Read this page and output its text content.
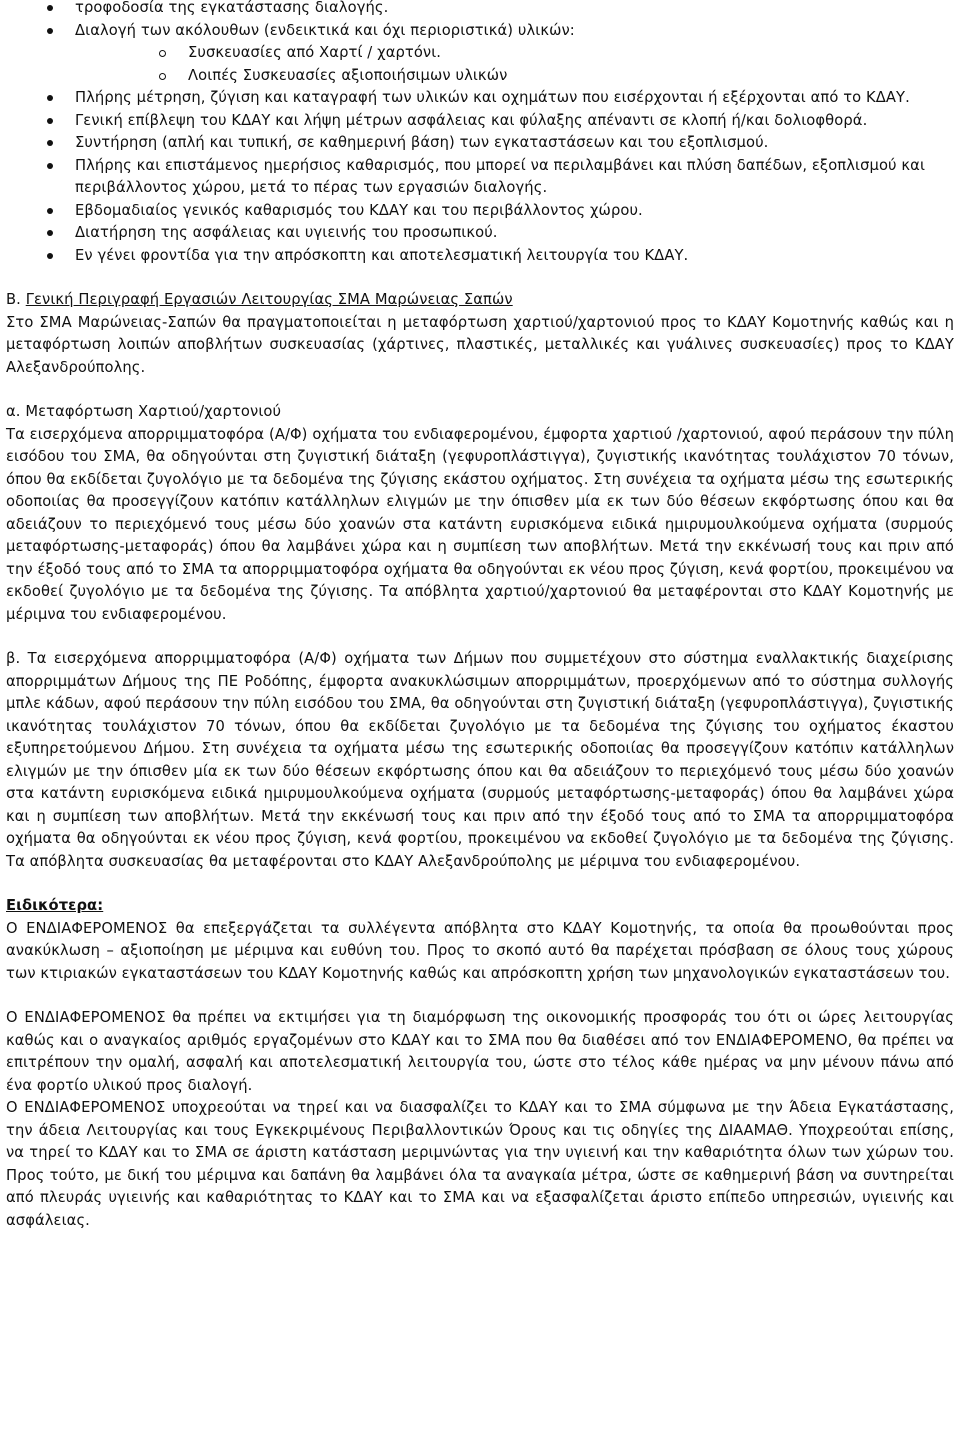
τροφοδοσία της εγκατάστασης διαλογής.
Διαλογή των ακόλουθων (ενδεικτικά και όχι περιοριστικά) υλικών:
Συσκευασίες από Χαρτί / χαρτόνι.
Λοιπές Συσκευασίες αξιοποιήσιμων υλικών
Πλήρης μέτρηση, ζύγιση και καταγραφή των υλικών και οχημάτων που εισέρχονται ή εξέρχονται από το ΚΔΑΥ.
Γενική επίβλεψη του ΚΔΑΥ και λήψη μέτρων ασφάλειας και φύλαξης απέναντι σε κλοπή ή/και δολιοφθορά.
Συντήρηση (απλή και τυπική, σε καθημερινή βάση) των εγκαταστάσεων και του εξοπλισμού.
Πλήρης και επιστάμενος ημερήσιος καθαρισμός, που μπορεί να περιλαμβάνει και πλύση δαπέδων, εξοπλισμού και περιβάλλοντος χώρου, μετά το πέρας των εργασιών διαλογής.
Εβδομαδιαίος γενικός καθαρισμός του ΚΔΑΥ και του περιβάλλοντος χώρου.
Διατήρηση της ασφάλειας και υγιεινής του προσωπικού.
Εν γένει φροντίδα για την απρόσκοπτη και αποτελεσματική λειτουργία του ΚΔΑΥ.

Β. Γενική Περιγραφή Εργασιών Λειτουργίας ΣΜΑ Μαρώνειας Σαπών

Στο ΣΜΑ Μαρώνειας-Σαπών θα πραγματοποιείται η μεταφόρτωση χαρτιού/χαρτονιού προς το ΚΔΑΥ Κομοτηνής καθώς και η μεταφόρτωση λοιπών αποβλήτων συσκευασίας (χάρτινες, πλαστικές, μεταλλικές και γυάλινες συσκευασίες) προς το ΚΔΑΥ Αλεξανδρούπολης.

α. Μεταφόρτωση Χαρτιού/χαρτονιού

Τα εισερχόμενα απορριμματοφόρα (Α/Φ) οχήματα του ενδιαφερομένου, έμφορτα χαρτιού /χαρτονιού, αφού περάσουν την πύλη εισόδου του ΣΜΑ, θα οδηγούνται στη ζυγιστική διάταξη (γεφυροπλάστιγγα), ζυγιστικής ικανότητας τουλάχιστον 70 τόνων, όπου θα εκδίδεται ζυγολόγιο με τα δεδομένα της ζύγισης εκάστου οχήματος. Στη συνέχεια τα οχήματα μέσω της εσωτερικής οδοποιίας θα προσεγγίζουν κατόπιν κατάλληλων ελιγμών με την όπισθεν μία εκ των δύο θέσεων εκφόρτωσης όπου και θα αδειάζουν το περιεχόμενό τους μέσω δύο χοανών στα κατάντη ευρισκόμενα ειδικά ημιρυμουλκούμενα οχήματα (συρμούς μεταφόρτωσης-μεταφοράς) όπου θα λαμβάνει χώρα και η συμπίεση των αποβλήτων. Μετά την εκκένωσή τους και πριν από την έξοδό τους από το ΣΜΑ τα απορριμματοφόρα οχήματα θα οδηγούνται εκ νέου προς ζύγιση, κενά φορτίου, προκειμένου να εκδοθεί ζυγολόγιο με τα δεδομένα της ζύγισης. Τα απόβλητα χαρτιού/χαρτονιού θα μεταφέρονται στο ΚΔΑΥ Κομοτηνής με μέριμνα του ενδιαφερομένου.

β. Τα εισερχόμενα απορριμματοφόρα (Α/Φ) οχήματα των Δήμων που συμμετέχουν στο σύστημα εναλλακτικής διαχείρισης απορριμμάτων Δήμους της ΠΕ Ροδόπης, έμφορτα ανακυκλώσιμων απορριμμάτων, προερχόμενων από το σύστημα συλλογής μπλε κάδων, αφού περάσουν την πύλη εισόδου του ΣΜΑ, θα οδηγούνται στη ζυγιστική διάταξη (γεφυροπλάστιγγα), ζυγιστικής ικανότητας τουλάχιστον 70 τόνων, όπου θα εκδίδεται ζυγολόγιο με τα δεδομένα της ζύγισης του οχήματος έκαστου εξυπηρετούμενου Δήμου. Στη συνέχεια τα οχήματα μέσω της εσωτερικής οδοποιίας θα προσεγγίζουν κατόπιν κατάλληλων ελιγμών με την όπισθεν μία εκ των δύο θέσεων εκφόρτωσης όπου και θα αδειάζουν το περιεχόμενό τους μέσω δύο χοανών στα κατάντη ευρισκόμενα ειδικά ημιρυμουλκούμενα οχήματα (συρμούς μεταφόρτωσης-μεταφοράς) όπου θα λαμβάνει χώρα και η συμπίεση των αποβλήτων. Μετά την εκκένωσή τους και πριν από την έξοδό τους από το ΣΜΑ τα απορριμματοφόρα οχήματα θα οδηγούνται εκ νέου προς ζύγιση, κενά φορτίου, προκειμένου να εκδοθεί ζυγολόγιο με τα δεδομένα της ζύγισης. Τα απόβλητα συσκευασίας θα μεταφέρονται στο ΚΔΑΥ Αλεξανδρούπολης με μέριμνα του ενδιαφερομένου.

Ειδικότερα:

Ο ΕΝΔΙΑΦΕΡΟΜΕΝΟΣ θα επεξεργάζεται τα συλλέγεντα απόβλητα στο ΚΔΑΥ Κομοτηνής, τα οποία θα προωθούνται προς ανακύκλωση – αξιοποίηση με μέριμνα και ευθύνη του. Προς το σκοπό αυτό θα παρέχεται πρόσβαση σε όλους τους χώρους των κτιριακών εγκαταστάσεων του ΚΔΑΥ Κομοτηνής καθώς και απρόσκοπτη χρήση των μηχανολογικών εγκαταστάσεων του.

Ο ΕΝΔΙΑΦΕΡΟΜΕΝΟΣ θα πρέπει να εκτιμήσει για τη διαμόρφωση της οικονομικής προσφοράς του ότι οι ώρες λειτουργίας καθώς και ο αναγκαίος αριθμός εργαζομένων στο ΚΔΑΥ και το ΣΜΑ που θα διαθέσει από τον ΕΝΔΙΑΦΕΡΟΜΕΝΟ, θα πρέπει να επιτρέπουν την ομαλή, ασφαλή και αποτελεσματική λειτουργία του, ώστε στο τέλος κάθε ημέρας να μην μένουν πάνω από ένα φορτίο υλικού προς διαλογή.

Ο ΕΝΔΙΑΦΕΡΟΜΕΝΟΣ υποχρεούται να τηρεί και να διασφαλίζει το ΚΔΑΥ και το ΣΜΑ σύμφωνα με την Άδεια Εγκατάστασης, την άδεια Λειτουργίας και τους Εγκεκριμένους Περιβαλλοντικών Όρους και τις οδηγίες της ΔΙΑΑΜΑΘ. Υποχρεούται επίσης, να τηρεί το ΚΔΑΥ και το ΣΜΑ σε άριστη κατάσταση μεριμνώντας για την υγιεινή και την καθαριότητα όλων των χώρων του. Προς τούτο, με δική του μέριμνα και δαπάνη θα λαμβάνει όλα τα αναγκαία μέτρα, ώστε σε καθημερινή βάση να συντηρείται από πλευράς υγιεινής και καθαριότητας το ΚΔΑΥ και το ΣΜΑ και να εξασφαλίζεται άριστο επίπεδο υπηρεσιών, υγιεινής και ασφάλειας.
